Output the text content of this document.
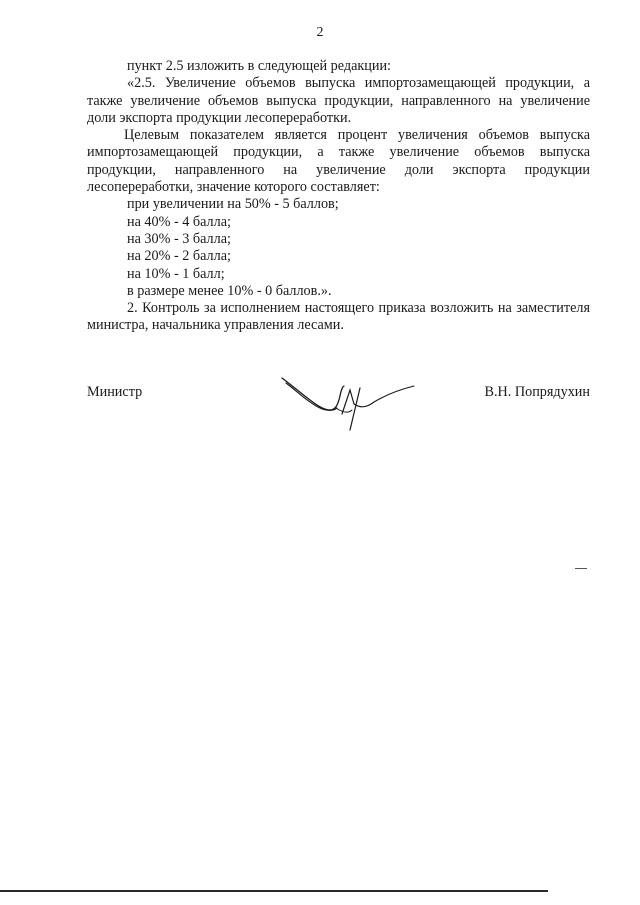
2

пункт 2.5 изложить в следующей редакции:

«2.5. Увеличение объемов выпуска импортозамещающей продукции, а также увеличение объемов выпуска продукции, направленного на увеличение доли экспорта продукции лесопереработки.

Целевым показателем является процент увеличения объемов выпуска импортозамещающей продукции, а также увеличение объемов выпуска продукции, направленного на увеличение доли экспорта продукции лесопереработки, значение которого составляет:

при увеличении на 50% - 5 баллов;

на 40% - 4 балла;

на 30% - 3 балла;

на 20% - 2 балла;

на 10% - 1 балл;

в размере менее 10% - 0 баллов.».

2. Контроль за исполнением настоящего приказа возложить на заместителя министра, начальника управления лесами.

Министр	В.Н. Попрядухин
